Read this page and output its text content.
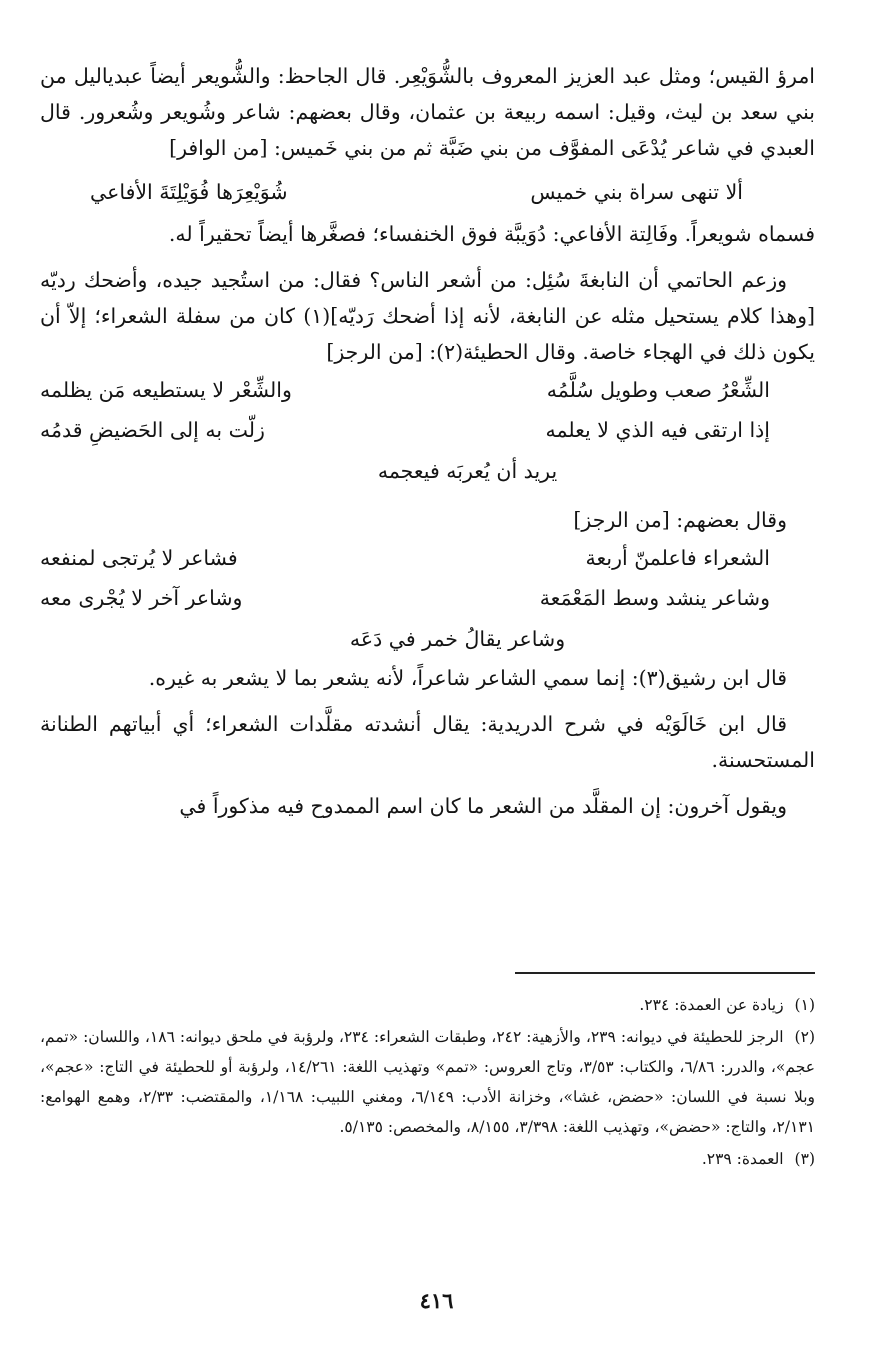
امرؤ القيس؛ ومثل عبد العزيز المعروف بالشُّوَيْعِر. قال الجاحظ: والشُّويعر أيضاً عبدياليل من بني سعد بن ليث، وقيل: اسمه ربيعة بن عثمان، وقال بعضهم: شاعر وشُويعر وشُعرور. قال العبدي في شاعر يُدْعَى المفوَّف من بني ضَبَّة ثم من بني خَميس: [من الوافر]

ألا تنهى سراة بني خميس
شُوَيْعِرَها فُوَيْلِتَةَ الأفاعي

فسماه شويعراً. وفَالِتة الأفاعي: دُوَيبَّة فوق الخنفساء؛ فصغَّرها أيضاً تحقيراً له.

وزعم الحاتمي أن النابغةَ سُئِل: من أشعر الناس؟ فقال: من استُجيد جيده، وأضحك رديّه [وهذا كلام يستحيل مثله عن النابغة، لأنه إذا أضحك رَديّه](١) كان من سفلة الشعراء؛ إلاّ أن يكون ذلك في الهجاء خاصة. وقال الحطيئة(٢): [من الرجز]

الشِّعْرُ صعب وطويل سُلَّمُه
والشِّعْر لا يستطيعه مَن يظلمه
إذا ارتقى فيه الذي لا يعلمه
زلّت به إلى الحَضيضِ قدمُه
يريد أن يُعربَه فيعجمه

وقال بعضهم: [من الرجز]

الشعراء فاعلمنّ أربعة
فشاعر لا يُرتجى لمنفعه
وشاعر ينشد وسط المَعْمَعة
وشاعر آخر لا يُجْرى معه
وشاعر يقالُ خمر في دَعَه

قال ابن رشيق(٣): إنما سمي الشاعر شاعراً، لأنه يشعر بما لا يشعر به غيره.

قال ابن خَالَوَيْه في شرح الدريدية: يقال أنشدته مقلَّدات الشعراء؛ أي أبياتهم الطنانة المستحسنة.

ويقول آخرون: إن المقلَّد من الشعر ما كان اسم الممدوح فيه مذكوراً في

(١) زيادة عن العمدة: ٢٣٤.

(٢) الرجز للحطيئة في ديوانه: ٢٣٩، والأزهية: ٢٤٢، وطبقات الشعراء: ٢٣٤، ولرؤبة في ملحق ديوانه: ١٨٦، واللسان: «تمم، عجم»، والدرر: ٦/٨٦، والكتاب: ٣/٥٣، وتاج العروس: «تمم» وتهذيب اللغة: ١٤/٢٦١، ولرؤبة أو للحطيئة في التاج: «عجم»، وبلا نسبة في اللسان: «حضض، غشا»، وخزانة الأدب: ٦/١٤٩، ومغني اللبيب: ١/١٦٨، والمقتضب: ٢/٣٣، وهمع الهوامع: ٢/١٣١، والتاج: «حضض»، وتهذيب اللغة: ٣/٣٩٨، ٨/١٥٥، والمخصص: ٥/١٣٥.

(٣) العمدة: ٢٣٩.

٤١٦
